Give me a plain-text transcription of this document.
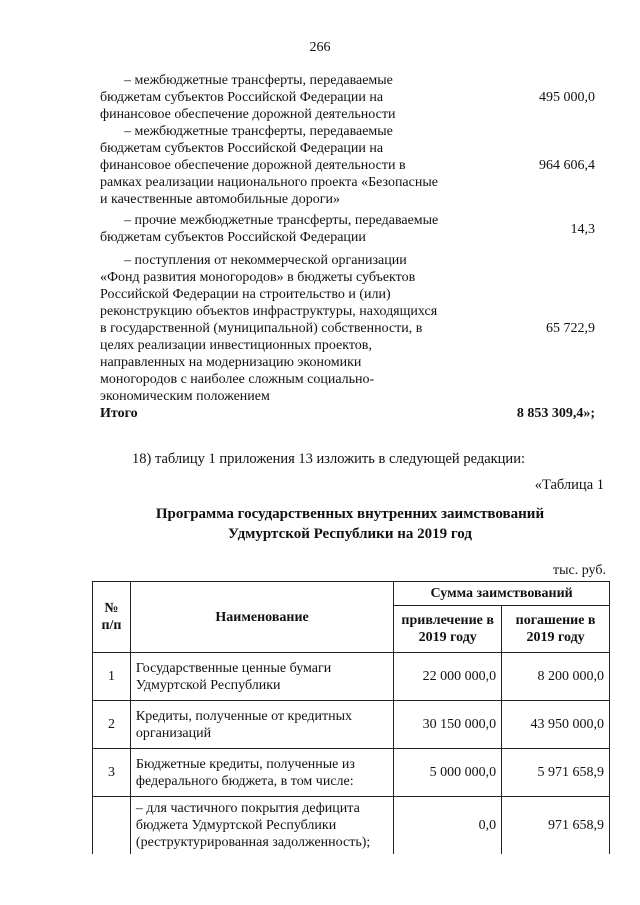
266
– межбюджетные трансферты, передаваемые
бюджетам субъектов Российской Федерации на
финансовое обеспечение дорожной деятельности
495 000,0
– межбюджетные трансферты, передаваемые
бюджетам субъектов Российской Федерации на
финансовое обеспечение дорожной деятельности в
рамках реализации национального проекта «Безопасные
и качественные автомобильные дороги»
964 606,4
– прочие межбюджетные трансферты, передаваемые
бюджетам субъектов Российской Федерации
14,3
– поступления от некоммерческой организации
«Фонд развития моногородов» в бюджеты субъектов
Российской Федерации на строительство и (или)
реконструкцию объектов инфраструктуры, находящихся
в государственной (муниципальной) собственности, в
целях реализации инвестиционных проектов,
направленных на модернизацию экономики
моногородов с наиболее сложным социально-
экономическим положением
65 722,9
Итого	8 853 309,4»;
18) таблицу 1 приложения 13 изложить в следующей редакции:
«Таблица 1
Программа государственных внутренних заимствований
Удмуртской Республики на 2019 год
тыс. руб.
№ п/п	Наименование	Сумма заимствований	
		привлечение в 2019 году	погашение в 2019 году
1	Государственные ценные бумаги Удмуртской Республики	22 000 000,0	8 200 000,0
2	Кредиты, полученные от кредитных организаций	30 150 000,0	43 950 000,0
3	Бюджетные кредиты, полученные из федерального бюджета, в том числе:	5 000 000,0	5 971 658,9
	– для частичного покрытия дефицита бюджета Удмуртской Республики (реструктурированная задолженность);	0,0	971 658,9
